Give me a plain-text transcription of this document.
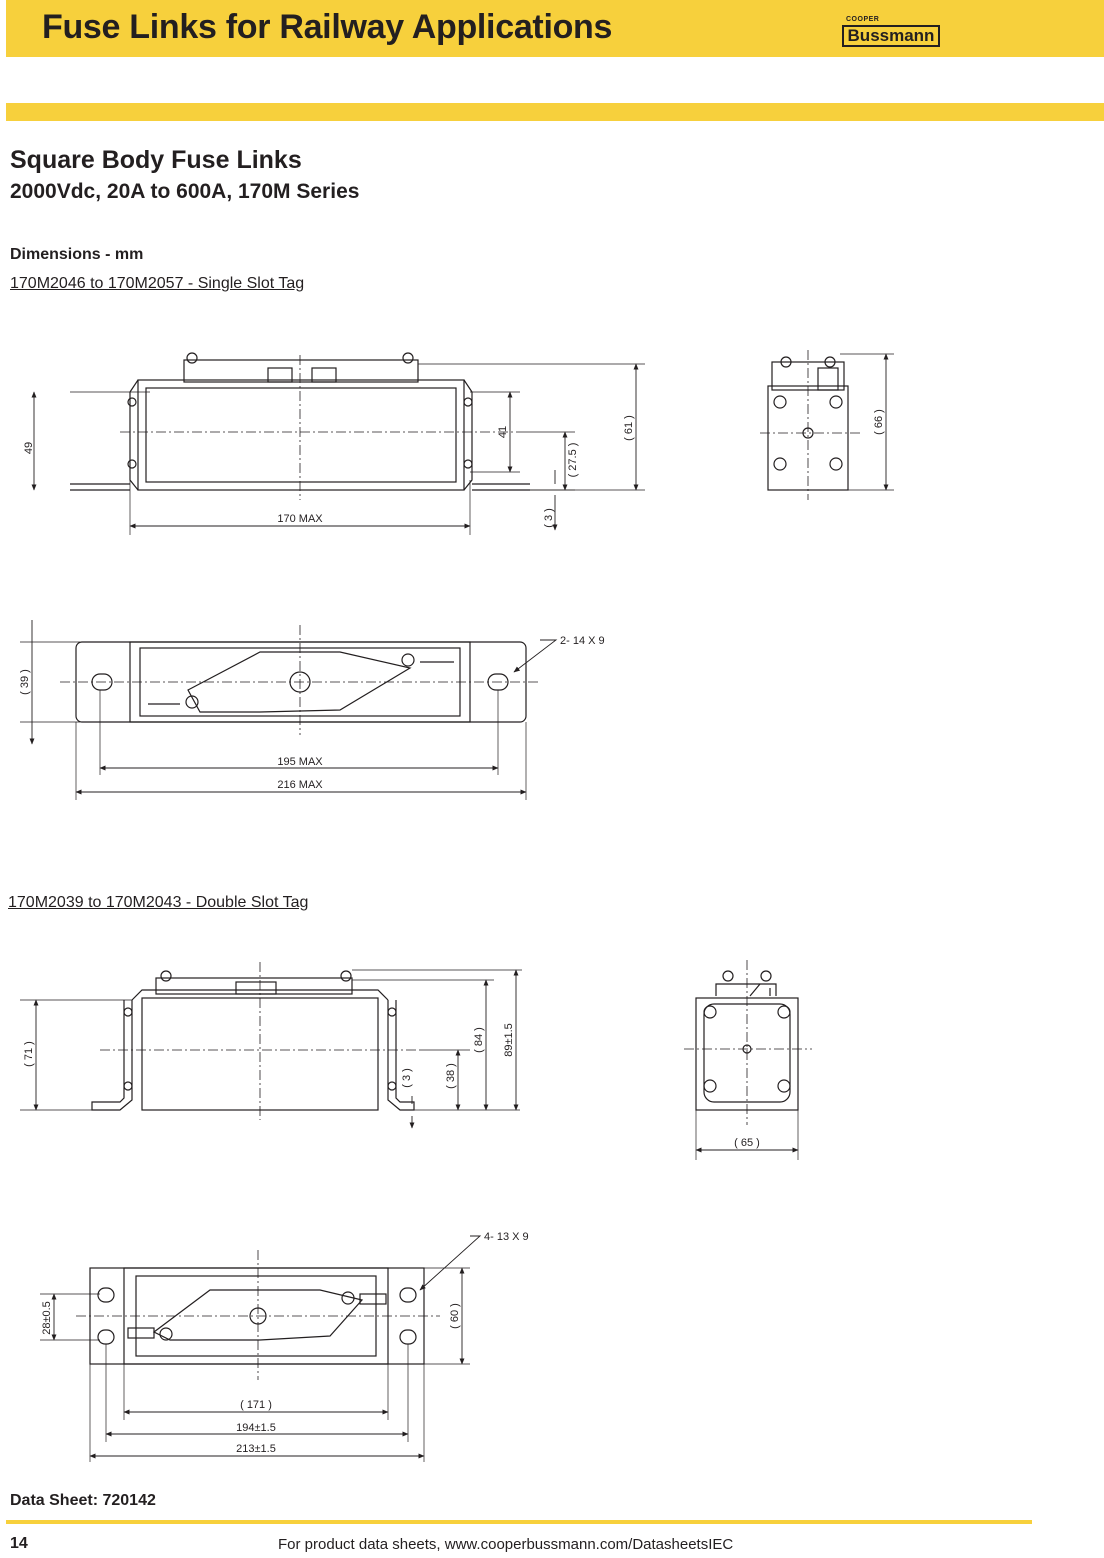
Fuse Links for Railway Applications	COOPER
Bussmann
Square Body Fuse Links
2000Vdc, 20A to 600A, 170M Series
Dimensions - mm
170M2046 to 170M2057 - Single Slot Tag
170M2039 to 170M2043 - Double Slot Tag
49
41
( 27.5 )
( 61 )
( 3 )
170 MAX
( 66 )
( 39 )
2- 14 X 9
195 MAX
216 MAX
( 71 )
( 3 )	( 38 )
( 84 ) 89±1.5
( 65 )
28±0.5	( 60 )
4- 13 X 9
( 171 )
194±1.5
213±1.5
Data Sheet: 720142
14	For product data sheets, www.cooperbussmann.com/DatasheetsIEC
